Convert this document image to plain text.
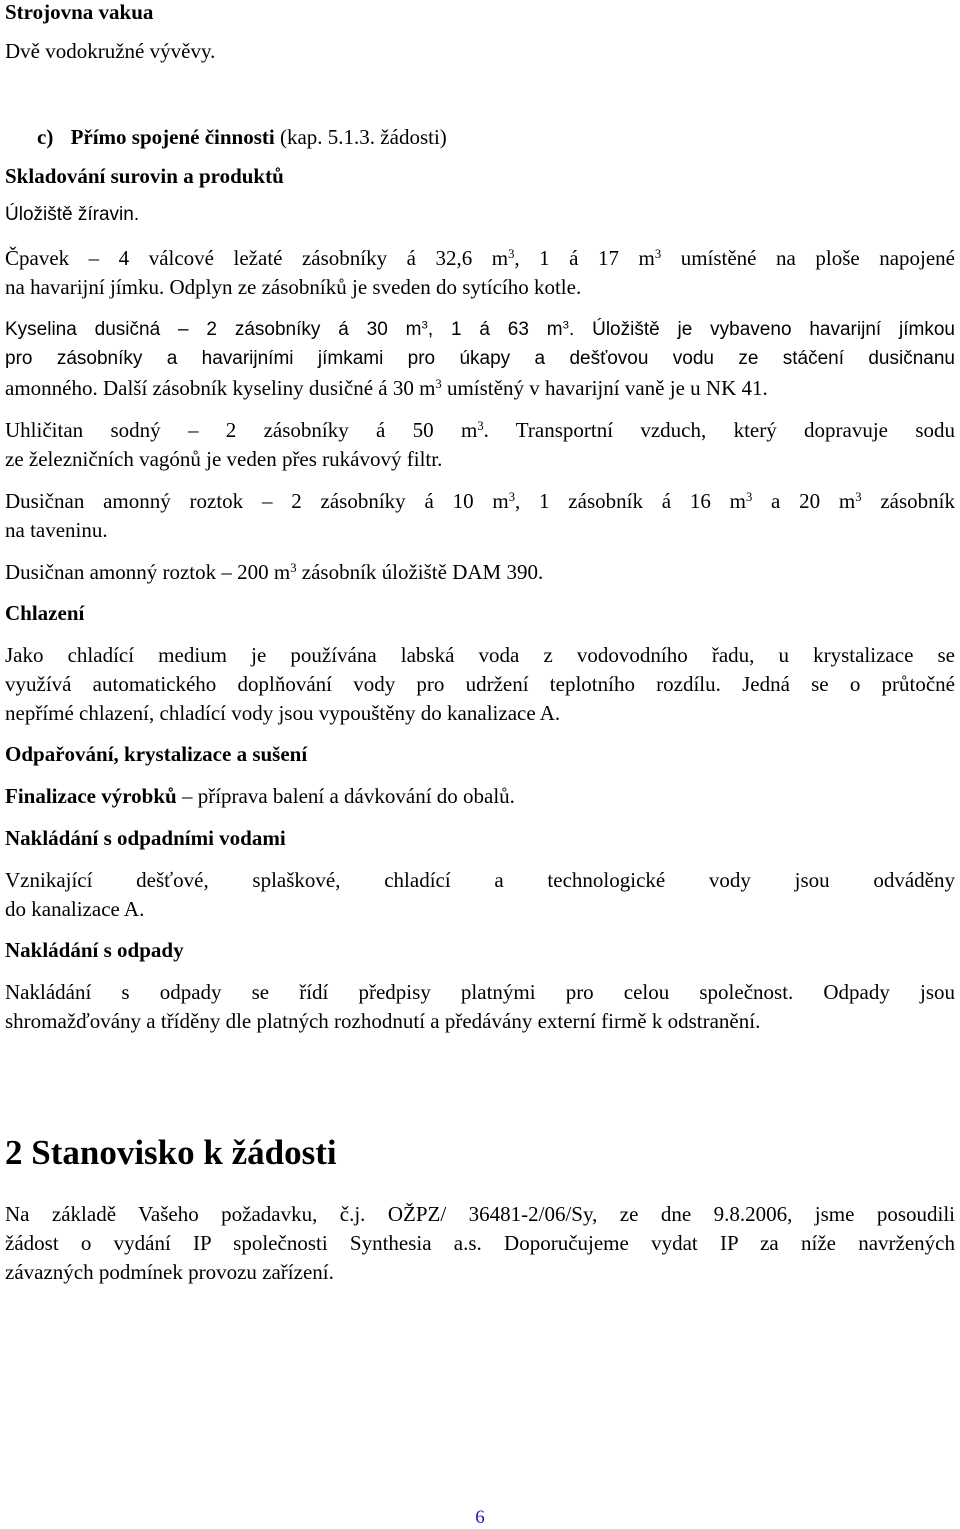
Strojovna vakua
Dvě vodokružné vývěvy.
c) Přímo spojené činnosti (kap. 5.1.3. žádosti)
Skladování surovin a produktů
Úložiště žíravin.
Čpavek – 4 válcové ležaté zásobníky á 32,6 $m^3$, 1 á 17 $m^3$ umístěné na ploše napojené
na havarijní jímku. Odplyn ze zásobníků je sveden do sytícího kotle.
Kyselina dusičná – 2 zásobníky á 30 $m^3$, 1 á 63 $m^3$. Úložiště je vybaveno havarijní jímkou
pro zásobníky a havarijními jímkami pro úkapy a dešťovou vodu ze stáčení dusičnanu
amonného. Další zásobník kyseliny dusičné á 30 $m^3$ umístěný v havarijní vaně je u NK 41.
Uhličitan sodný – 2 zásobníky á 50 $m^3$. Transportní vzduch, který dopravuje sodu
ze železničních vagónů je veden přes rukávový filtr.
Dusičnan amonný roztok – 2 zásobníky á 10 $m^3$, 1 zásobník á 16 $m^3$ a 20 $m^3$ zásobník
na taveninu.
Dusičnan amonný roztok – 200 $m^3$ zásobník úložiště DAM 390.
Chlazení
Jako chladící medium je používána labská voda z vodovodního řadu, u krystalizace se
využívá automatického doplňování vody pro udržení teplotního rozdílu. Jedná se o průtočné
nepřímé chlazení, chladící vody jsou vypouštěny do kanalizace A.
Odpařování, krystalizace a sušení
Finalizace výrobků – příprava balení a dávkování do obalů.
Nakládání s odpadními vodami
Vznikající dešťové, splaškové, chladící a technologické vody jsou odváděny
do kanalizace A.
Nakládání s odpady
Nakládání s odpady se řídí předpisy platnými pro celou společnost. Odpady jsou
shromažďovány a tříděny dle platných rozhodnutí a předávány externí firmě k odstranění.
2 Stanovisko k žádosti
Na základě Vašeho požadavku, č.j. OŽPZ/ 36481-2/06/Sy, ze dne 9.8.2006, jsme posoudili
žádost o vydání IP společnosti Synthesia a.s. Doporučujeme vydat IP za níže navržených
závazných podmínek provozu zařízení.
6
